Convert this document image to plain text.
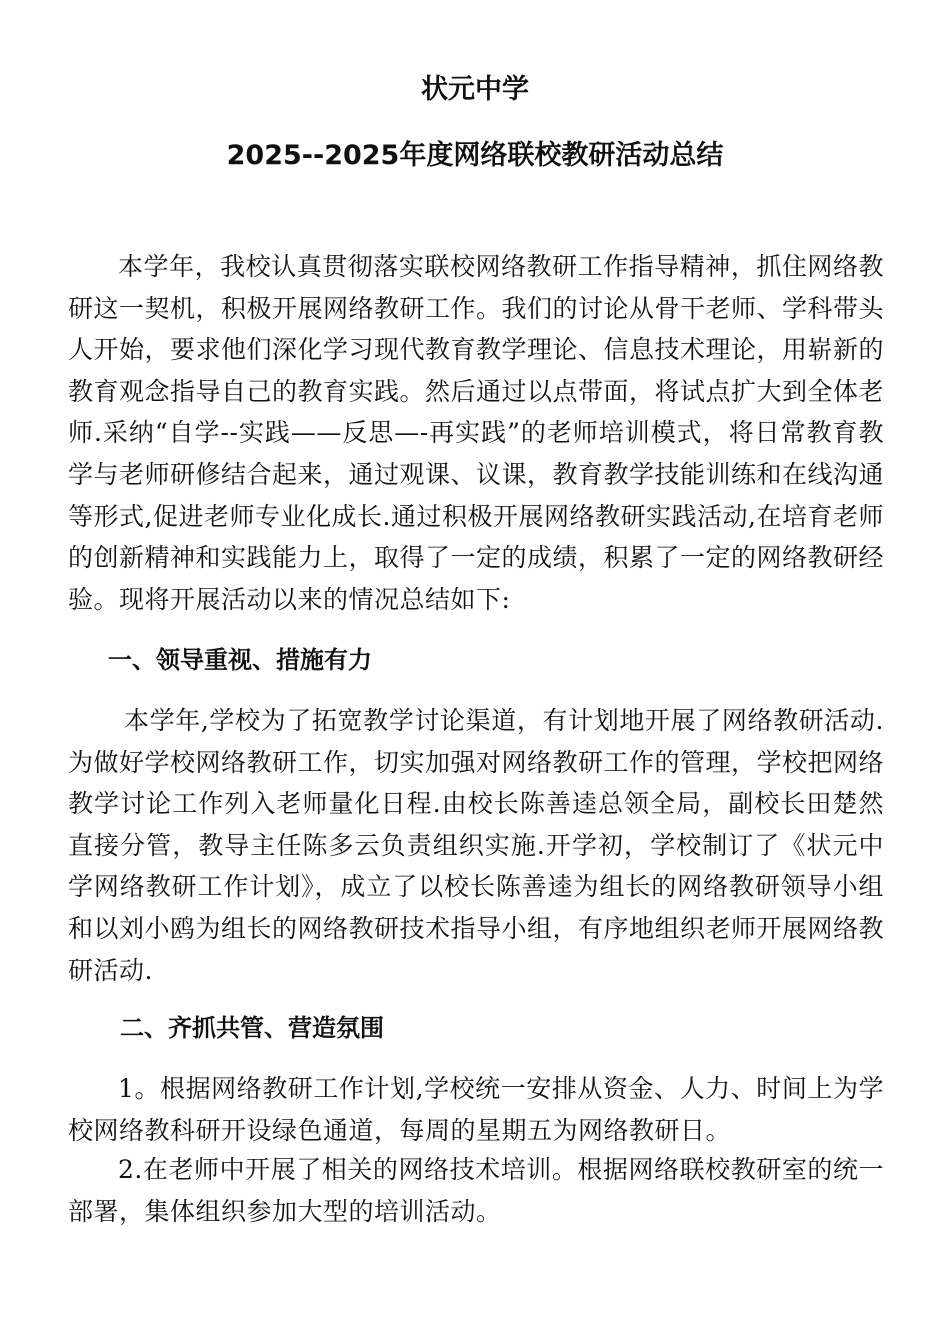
状元中学
2025--2025年度网络联校教研活动总结

本学年，我校认真贯彻落实联校网络教研工作指导精神，抓住网络教研这一契机，积极开展网络教研工作。我们的讨论从骨干老师、学科带头人开始，要求他们深化学习现代教育教学理论、信息技术理论，用崭新的教育观念指导自己的教育实践。然后通过以点带面，将试点扩大到全体老师.采纳“自学--实践——反思—-再实践”的老师培训模式，将日常教育教学与老师研修结合起来，通过观课、议课，教育教学技能训练和在线沟通等形式,促进老师专业化成长.通过积极开展网络教研实践活动,在培育老师的创新精神和实践能力上，取得了一定的成绩，积累了一定的网络教研经验。现将开展活动以来的情况总结如下:

一、领导重视、措施有力

本学年,学校为了拓宽教学讨论渠道，有计划地开展了网络教研活动.为做好学校网络教研工作，切实加强对网络教研工作的管理，学校把网络教学讨论工作列入老师量化日程.由校长陈善逵总领全局，副校长田楚然直接分管，教导主任陈多云负责组织实施.开学初，学校制订了《状元中学网络教研工作计划》，成立了以校长陈善逵为组长的网络教研领导小组和以刘小鸥为组长的网络教研技术指导小组，有序地组织老师开展网络教研活动.

二、齐抓共管、营造氛围

1。根据网络教研工作计划,学校统一安排从资金、人力、时间上为学校网络教科研开设绿色通道，每周的星期五为网络教研日。

2.在老师中开展了相关的网络技术培训。根据网络联校教研室的统一部署，集体组织参加大型的培训活动。
